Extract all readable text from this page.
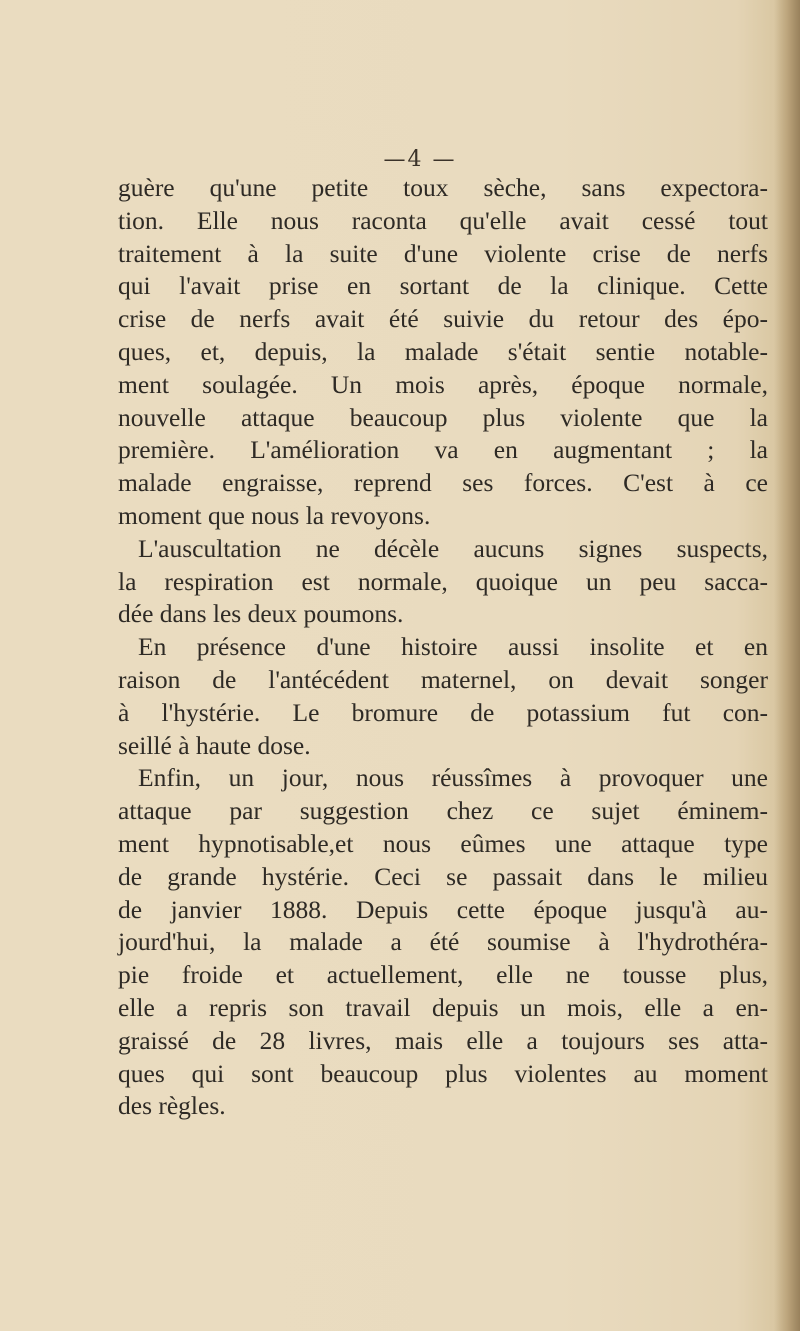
—4 —
guère qu'une petite toux sèche, sans expectora-
tion. Elle nous raconta qu'elle avait cessé tout
traitement à la suite d'une violente crise de nerfs
qui l'avait prise en sortant de la clinique. Cette
crise de nerfs avait été suivie du retour des épo-
ques, et, depuis, la malade s'était sentie notable-
ment soulagée. Un mois après, époque normale,
nouvelle attaque beaucoup plus violente que la
première. L'amélioration va en augmentant ; la
malade engraisse, reprend ses forces. C'est à ce
moment que nous la revoyons.
L'auscultation ne décèle aucuns signes suspects,
la respiration est normale, quoique un peu sacca-
dée dans les deux poumons.
En présence d'une histoire aussi insolite et en
raison de l'antécédent maternel, on devait songer
à l'hystérie. Le bromure de potassium fut con-
seillé à haute dose.
Enfin, un jour, nous réussîmes à provoquer une
attaque par suggestion chez ce sujet éminem-
ment hypnotisable,et nous eûmes une attaque type
de grande hystérie. Ceci se passait dans le milieu
de janvier 1888. Depuis cette époque jusqu'à au-
jourd'hui, la malade a été soumise à l'hydrothéra-
pie froide et actuellement, elle ne tousse plus,
elle a repris son travail depuis un mois, elle a en-
graissé de 28 livres, mais elle a toujours ses atta-
ques qui sont beaucoup plus violentes au moment
des règles.
